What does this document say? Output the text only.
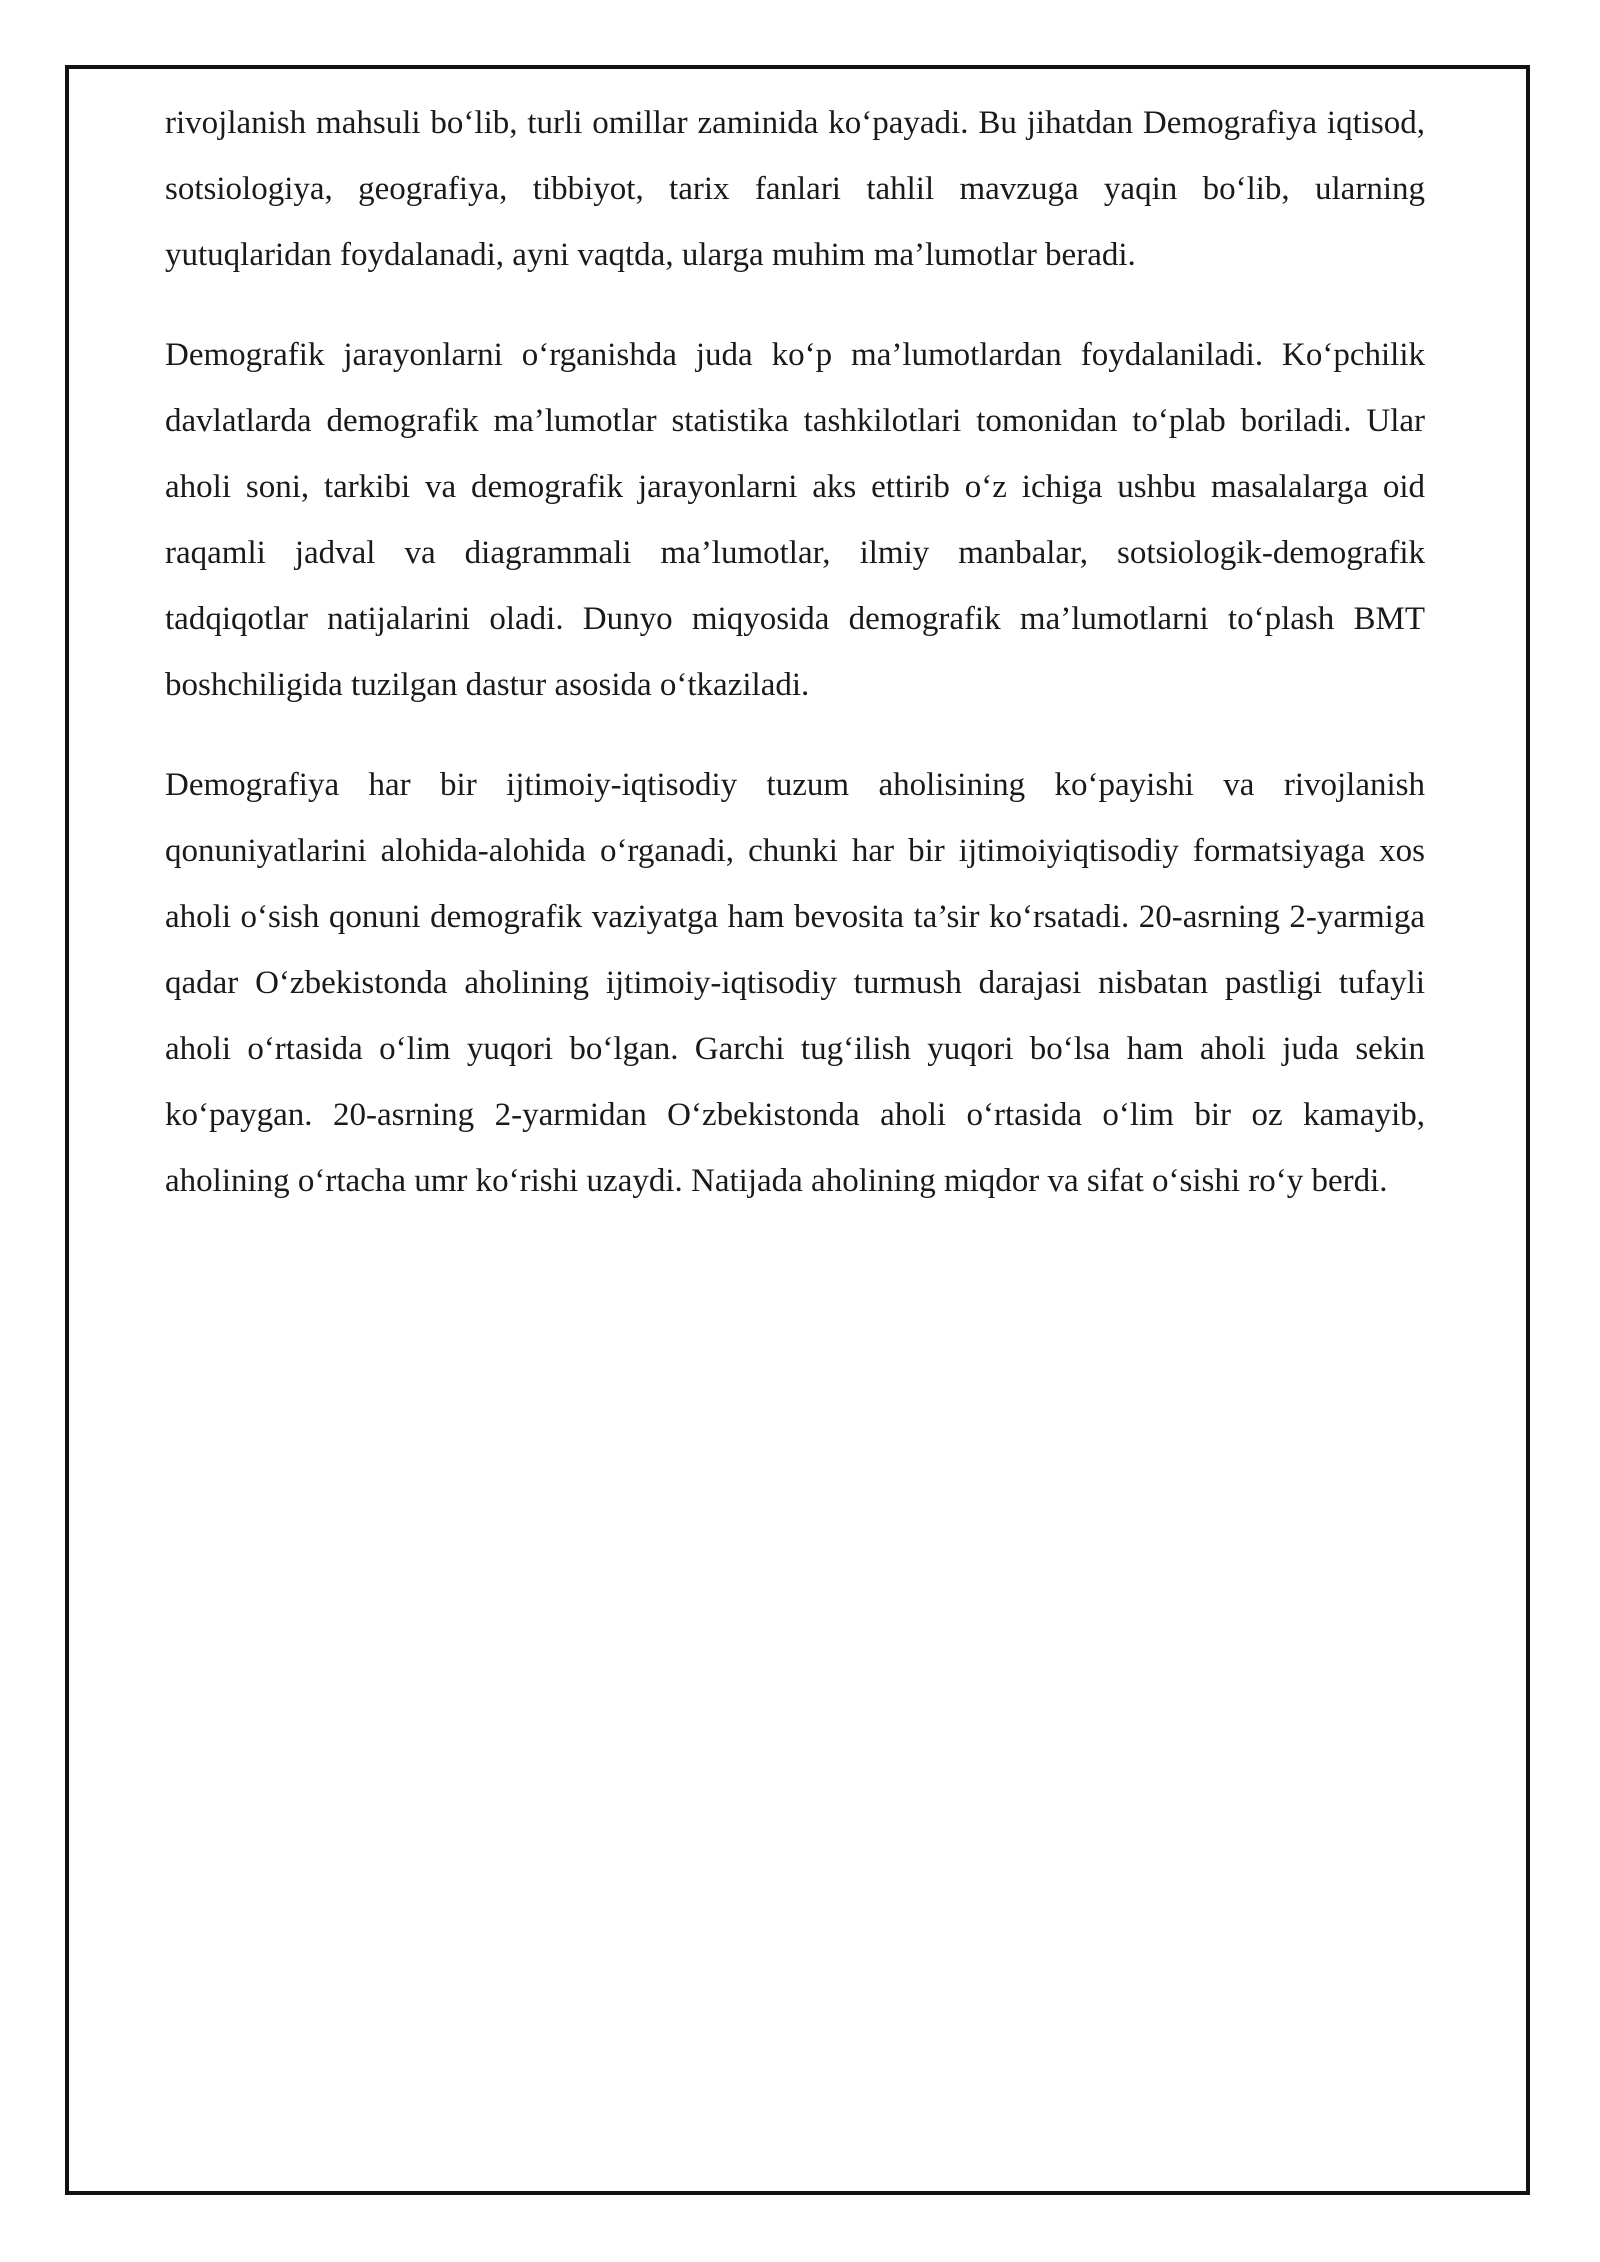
rivojlanish mahsuli bo‘lib, turli omillar zaminida ko‘payadi. Bu jihatdan Demografiya iqtisod, sotsiologiya, geografiya, tibbiyot, tarix fanlari tahlil mavzuga yaqin bo‘lib, ularning yutuqlaridan foydalanadi, ayni vaqtda, ularga muhim ma’lumotlar beradi.

Demografik jarayonlarni o‘rganishda juda ko‘p ma’lumotlardan foydalaniladi. Ko‘pchilik davlatlarda demografik ma’lumotlar statistika tashkilotlari tomonidan to‘plab boriladi. Ular aholi soni, tarkibi va demografik jarayonlarni aks ettirib o‘z ichiga ushbu masalalarga oid raqamli jadval va diagrammali ma’lumotlar, ilmiy manbalar, sotsiologik-demografik tadqiqotlar natijalarini oladi. Dunyo miqyosida demografik ma’lumotlarni to‘plash BMT boshchiligida tuzilgan dastur asosida o‘tkaziladi.

Demografiya har bir ijtimoiy-iqtisodiy tuzum aholisining ko‘payishi va rivojlanish qonuniyatlarini alohida-alohida o‘rganadi, chunki har bir ijtimoiyiqtisodiy formatsiyaga xos aholi o‘sish qonuni demografik vaziyatga ham bevosita ta’sir ko‘rsatadi. 20-asrning 2-yarmiga qadar O‘zbekistonda aholining ijtimoiy-iqtisodiy turmush darajasi nisbatan pastligi tufayli aholi o‘rtasida o‘lim yuqori bo‘lgan. Garchi tug‘ilish yuqori bo‘lsa ham aholi juda sekin ko‘paygan. 20-asrning 2-yarmidan O‘zbekistonda aholi o‘rtasida o‘lim bir oz kamayib, aholining o‘rtacha umr ko‘rishi uzaydi. Natijada aholining miqdor va sifat o‘sishi ro‘y berdi.
